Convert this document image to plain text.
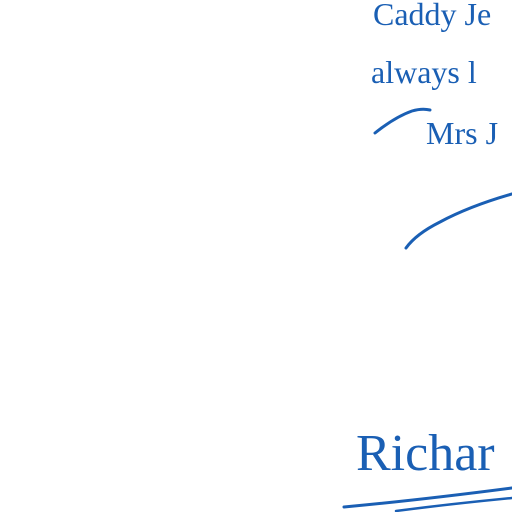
Caddy Je
always l
Mrs J
Richar
